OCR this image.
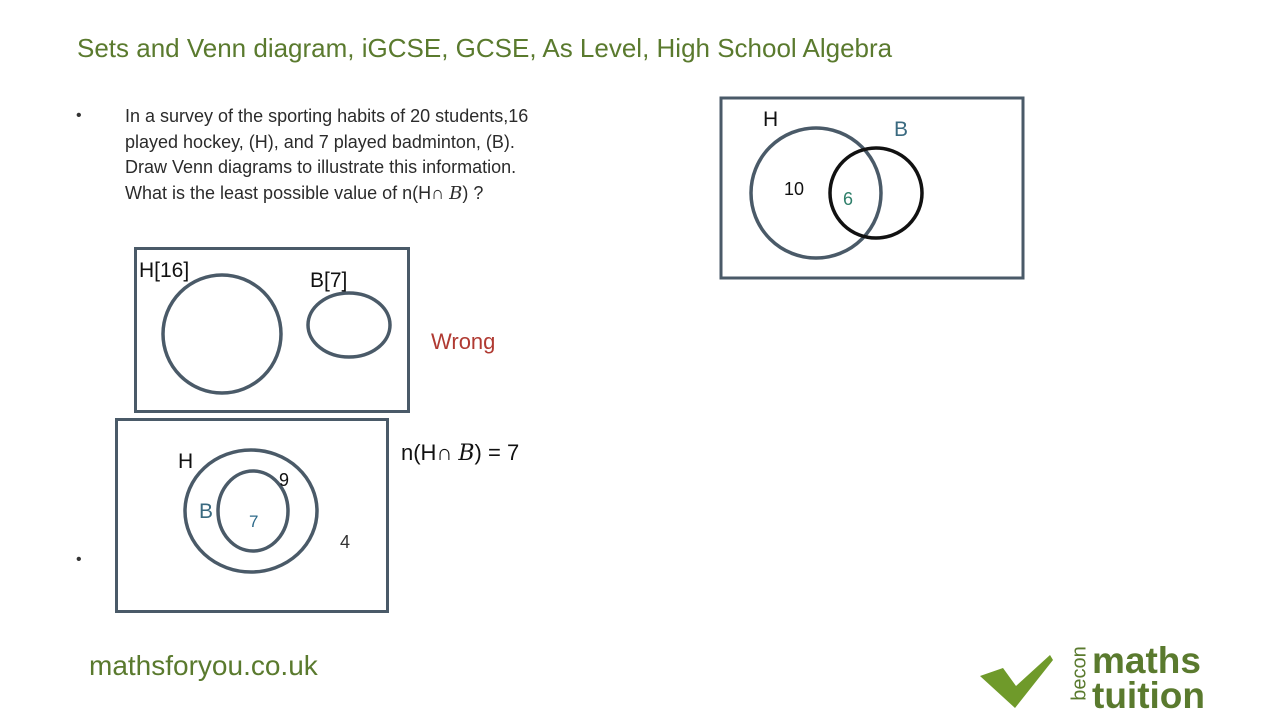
Sets and Venn diagram, iGCSE, GCSE, As Level, High School Algebra
• In a survey of the sporting habits of 20 students,16
played hockey, (H), and 7 played badminton, (B).
Draw Venn diagrams to illustrate this information.
What is the least possible value of n(H∩ B) ?
H[16]	B[7]
Wrong
H
B
9
7
4
•
n(H∩ B) = 7
H	B
10 6
mathsforyou.co.uk	becon maths
tuition
